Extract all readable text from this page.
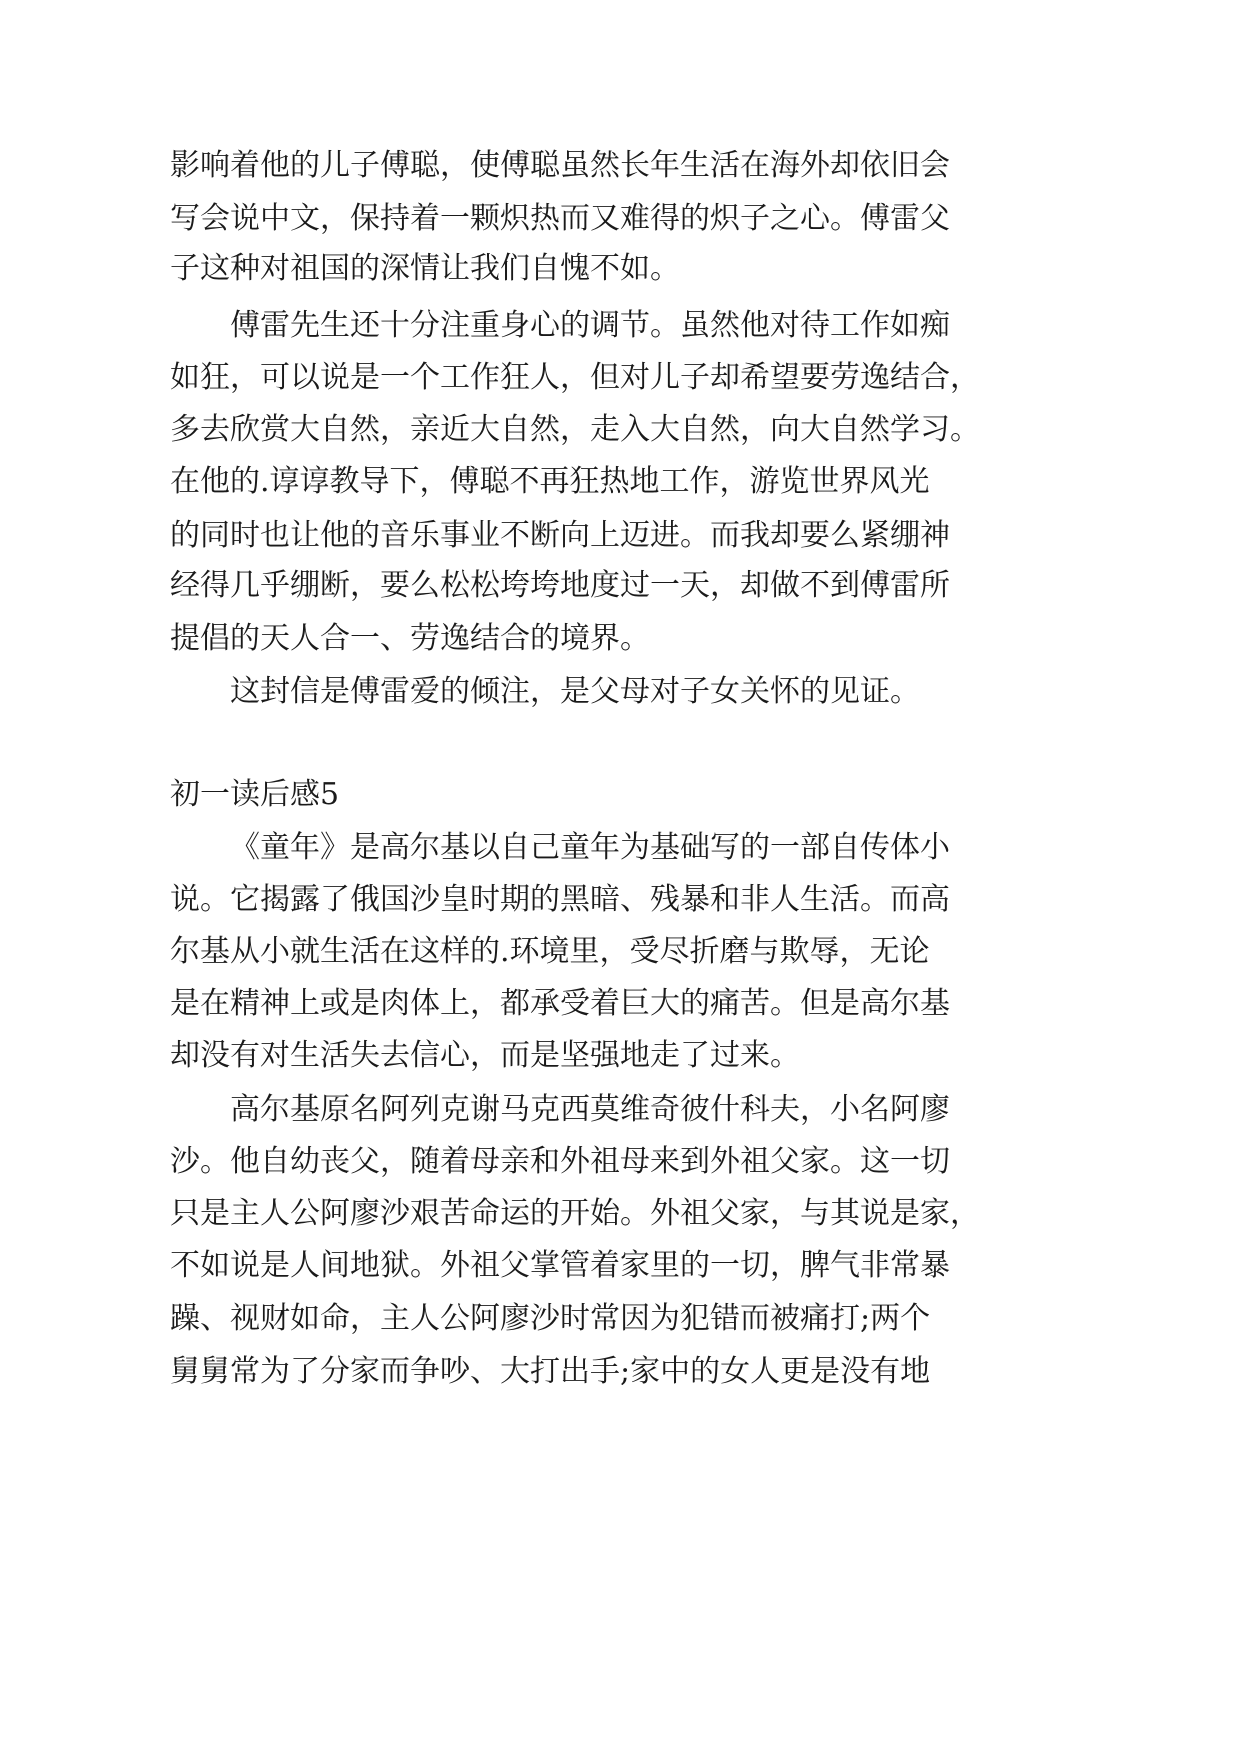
影响着他的儿子傅聪，使傅聪虽然长年生活在海外却依旧会
写会说中文，保持着一颗炽热而又难得的炽子之心。傅雷父
子这种对祖国的深情让我们自愧不如。
傅雷先生还十分注重身心的调节。虽然他对待工作如痴
如狂，可以说是一个工作狂人，但对儿子却希望要劳逸结合，
多去欣赏大自然，亲近大自然，走入大自然，向大自然学习。
在他的.谆谆教导下，傅聪不再狂热地工作，游览世界风光
的同时也让他的音乐事业不断向上迈进。而我却要么紧绷神
经得几乎绷断，要么松松垮垮地度过一天，却做不到傅雷所
提倡的天人合一、劳逸结合的境界。
这封信是傅雷爱的倾注，是父母对子女关怀的见证。
初一读后感5
《童年》是高尔基以自己童年为基础写的一部自传体小
说。它揭露了俄国沙皇时期的黑暗、残暴和非人生活。而高
尔基从小就生活在这样的.环境里，受尽折磨与欺辱，无论
是在精神上或是肉体上，都承受着巨大的痛苦。但是高尔基
却没有对生活失去信心，而是坚强地走了过来。
高尔基原名阿列克谢马克西莫维奇彼什科夫，小名阿廖
沙。他自幼丧父，随着母亲和外祖母来到外祖父家。这一切
只是主人公阿廖沙艰苦命运的开始。外祖父家，与其说是家，
不如说是人间地狱。外祖父掌管着家里的一切，脾气非常暴
躁、视财如命，主人公阿廖沙时常因为犯错而被痛打;两个
舅舅常为了分家而争吵、大打出手;家中的女人更是没有地
